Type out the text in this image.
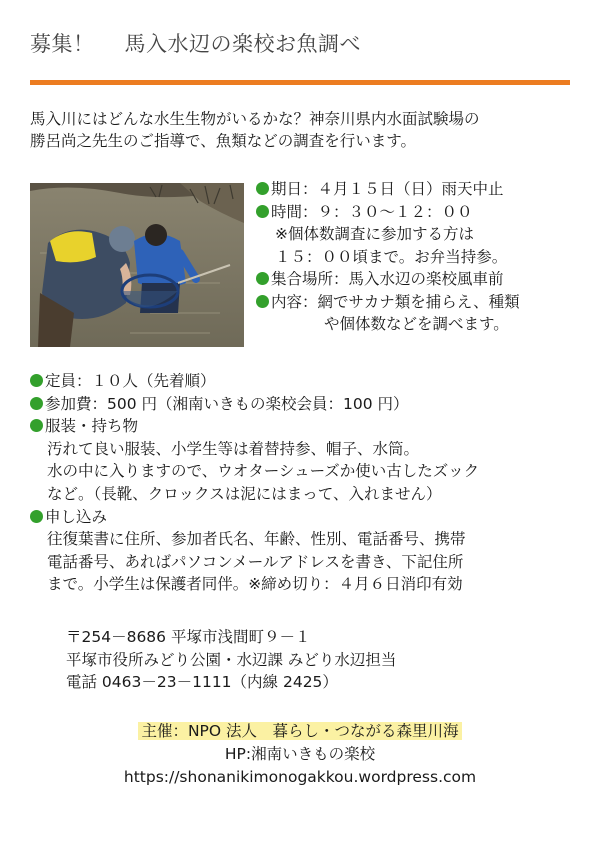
募集！ 馬入水辺の楽校お魚調べ
馬入川にはどんな水生生物がいるかな？神奈川県内水面試験場の
勝呂尚之先生のご指導で、魚類などの調査を行います。
期日：４月１５日（日）雨天中止
時間：９：３０〜１２：００
※個体数調査に参加する方は
１５：００頃まで。お弁当持参。
集合場所：馬入水辺の楽校風車前
内容：網でサカナ類を捕らえ、種類
や個体数などを調べます。
定員：１０人（先着順）
参加費：500 円（湘南いきもの楽校会員：100 円）
服装・持ち物
汚れて良い服装、小学生等は着替持参、帽子、水筒。
水の中に入りますので、ウオターシューズか使い古したズック
など。（長靴、クロックスは泥にはまって、入れません）
申し込み
往復葉書に住所、参加者氏名、年齢、性別、電話番号、携帯
電話番号、あればパソコンメールアドレスを書き、下記住所
まで。小学生は保護者同伴。※締め切り：４月６日消印有効
〒254－8686 平塚市浅間町９－１
平塚市役所みどり公園・水辺課 みどり水辺担当
電話 0463－23－1111（内線 2425）
主催：NPO 法人　暮らし・つながる森里川海
HP:湘南いきもの楽校
https://shonanikimonogakkou.wordpress.com
